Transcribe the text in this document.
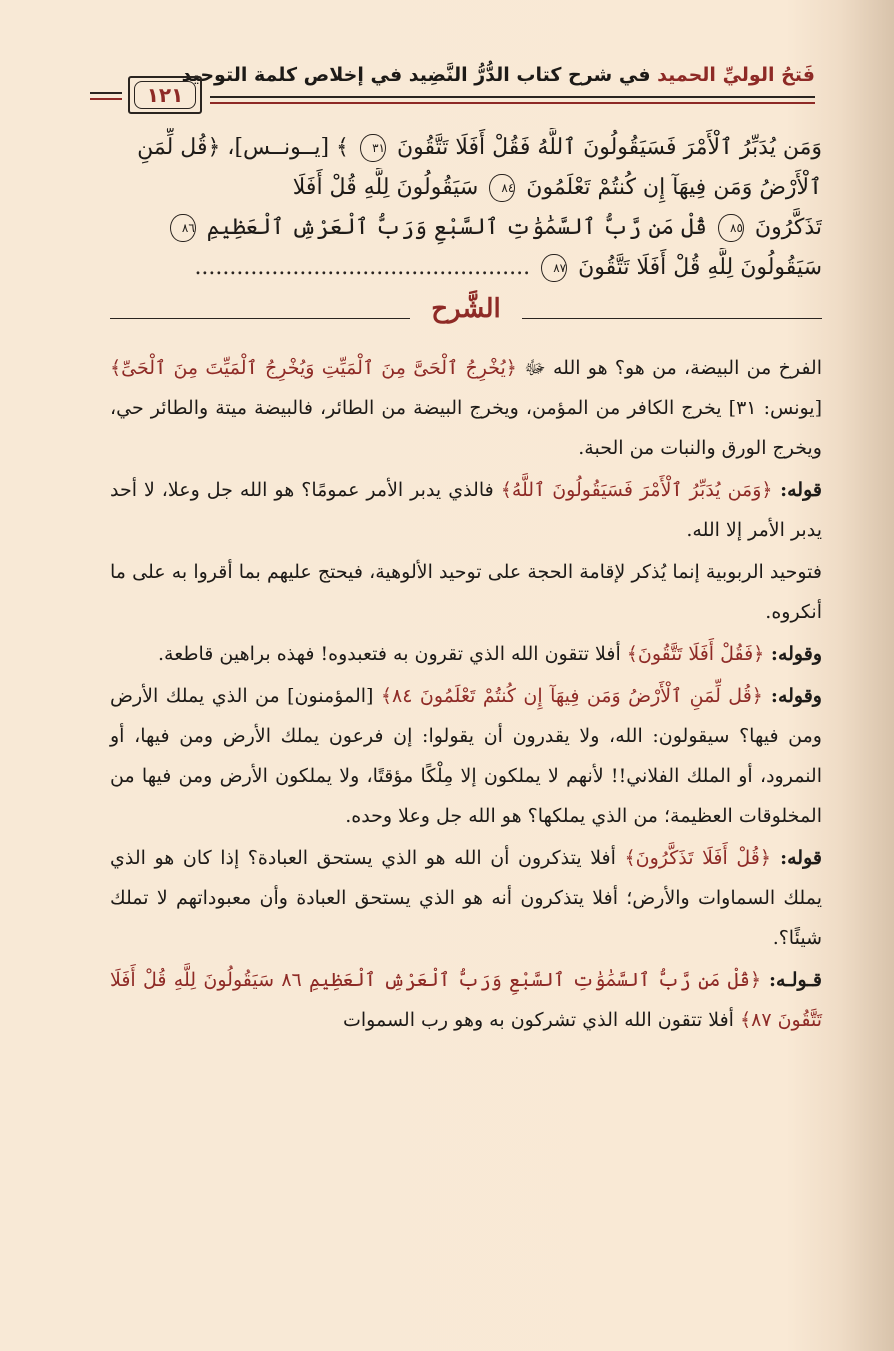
فَتحُ الوليِّ الحميد في شرح كتاب الدُّرُّ النَّضِيد في إخلاص كلمة التوحيد
١٢١
وَمَن يُدَبِّرُ ٱلْأَمْرَ فَسَيَقُولُونَ ٱللَّهُ فَقُلْ أَفَلَا تَتَّقُونَ ٣١ ﴾ [يــونــس]، ﴿قُل لِّمَنِ
ٱلْأَرْضُ وَمَن فِيهَآ إِن كُنتُمْ تَعْلَمُونَ ٨٤ سَيَقُولُونَ لِلَّهِ قُلْ أَفَلَا
تَذَكَّرُونَ ٨٥ قُلْ مَن رَّبُّ ٱلسَّمَٰوَٰتِ ٱلسَّبْعِ وَرَبُّ ٱلْعَرْشِ ٱلْعَظِيمِ ٨٦
سَيَقُولُونَ لِلَّهِ قُلْ أَفَلَا تَتَّقُونَ ٨٧ ................................................
الشَّرح

الفرخ من البيضة، من هو؟ هو الله ﷻ ﴿يُخْرِجُ ٱلْحَىَّ مِنَ ٱلْمَيِّتِ وَيُخْرِجُ ٱلْمَيِّتَ مِنَ ٱلْحَىِّ﴾ [يونس: ٣١] يخرج الكافر من المؤمن، ويخرج البيضة من الطائر، فالبيضة ميتة والطائر حي، ويخرج الورق والنبات من الحبة.

قوله: ﴿وَمَن يُدَبِّرُ ٱلْأَمْرَ فَسَيَقُولُونَ ٱللَّهُ﴾ فالذي يدبر الأمر عمومًا؟ هو الله جل وعلا، لا أحد يدبر الأمر إلا الله.

فتوحيد الربوبية إنما يُذكر لإقامة الحجة على توحيد الألوهية، فيحتج عليهم بما أقروا به على ما أنكروه.

وقوله: ﴿فَقُلْ أَفَلَا تَتَّقُونَ﴾ أفلا تتقون الله الذي تقرون به فتعبدوه! فهذه براهين قاطعة.

وقوله: ﴿قُل لِّمَنِ ٱلْأَرْضُ وَمَن فِيهَآ إِن كُنتُمْ تَعْلَمُونَ ٨٤﴾ [المؤمنون] من الذي يملك الأرض ومن فيها؟ سيقولون: الله، ولا يقدرون أن يقولوا: إن فرعون يملك الأرض ومن فيها، أو النمرود، أو الملك الفلاني!! لأنهم لا يملكون إلا مِلْكًا مؤقتًا، ولا يملكون الأرض ومن فيها من المخلوقات العظيمة؛ من الذي يملكها؟ هو الله جل وعلا وحده.

قوله: ﴿قُلْ أَفَلَا تَذَكَّرُونَ﴾ أفلا يتذكرون أن الله هو الذي يستحق العبادة؟ إذا كان هو الذي يملك السماوات والأرض؛ أفلا يتذكرون أنه هو الذي يستحق العبادة وأن معبوداتهم لا تملك شيئًا؟.

قـولـه: ﴿قُلْ مَن رَّبُّ ٱلسَّمَٰوَٰتِ ٱلسَّبْعِ وَرَبُّ ٱلْعَرْشِ ٱلْعَظِيمِ ٨٦ سَيَقُولُونَ لِلَّهِ قُلْ أَفَلَا تَتَّقُونَ ٨٧﴾ أفلا تتقون الله الذي تشركون به وهو رب السموات
